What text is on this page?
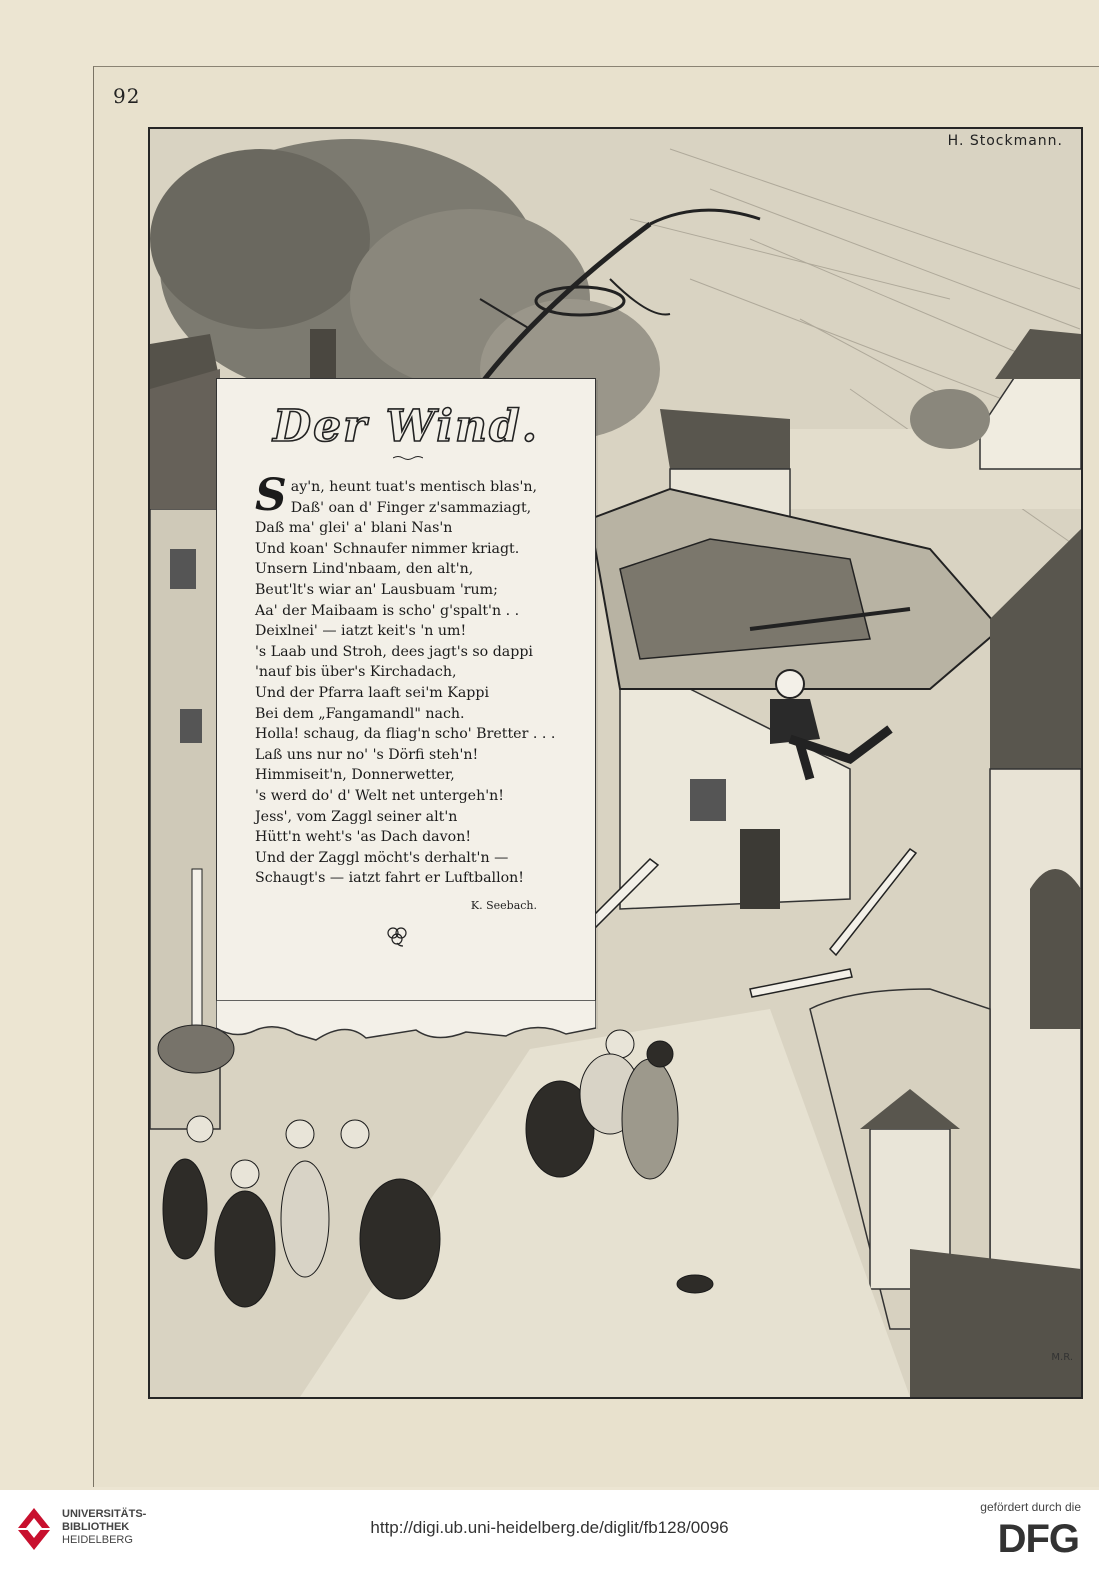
92
H. Stockmann.
M.R.
Der Wind.
Say'n, heunt tuat's mentisch blas'n,
Daß' oan d' Finger z'sammaziagt,
Daß ma' glei' a' blani Nas'n
Und koan' Schnaufer nimmer kriagt.
Unsern Lind'nbaam, den alt'n,
Beut'lt's wiar an' Lausbuam 'rum;
Aa' der Maibaam is scho' g'spalt'n . .
Deixlnei' — iatzt keit's 'n um!
's Laab und Stroh, dees jagt's so dappi
'nauf bis über's Kirchadach,
Und der Pfarra laaft sei'm Kappi
Bei dem „Fangamandl" nach.
Holla! schaug, da fliag'n scho' Bretter . . .
Laß uns nur no' 's Dörfi steh'n!
Himmiseit'n, Donnerwetter,
's werd do' d' Welt net untergeh'n!
Jess', vom Zaggl seiner alt'n
Hütt'n weht's 'as Dach davon!
Und der Zaggl möcht's derhalt'n —
Schaugt's — iatzt fahrt er Luftballon!
K. Seebach.
UNIVERSITÄTS-
BIBLIOTHEK
HEIDELBERG
http://digi.ub.uni-heidelberg.de/diglit/fb128/0096
gefördert durch die
DFG
